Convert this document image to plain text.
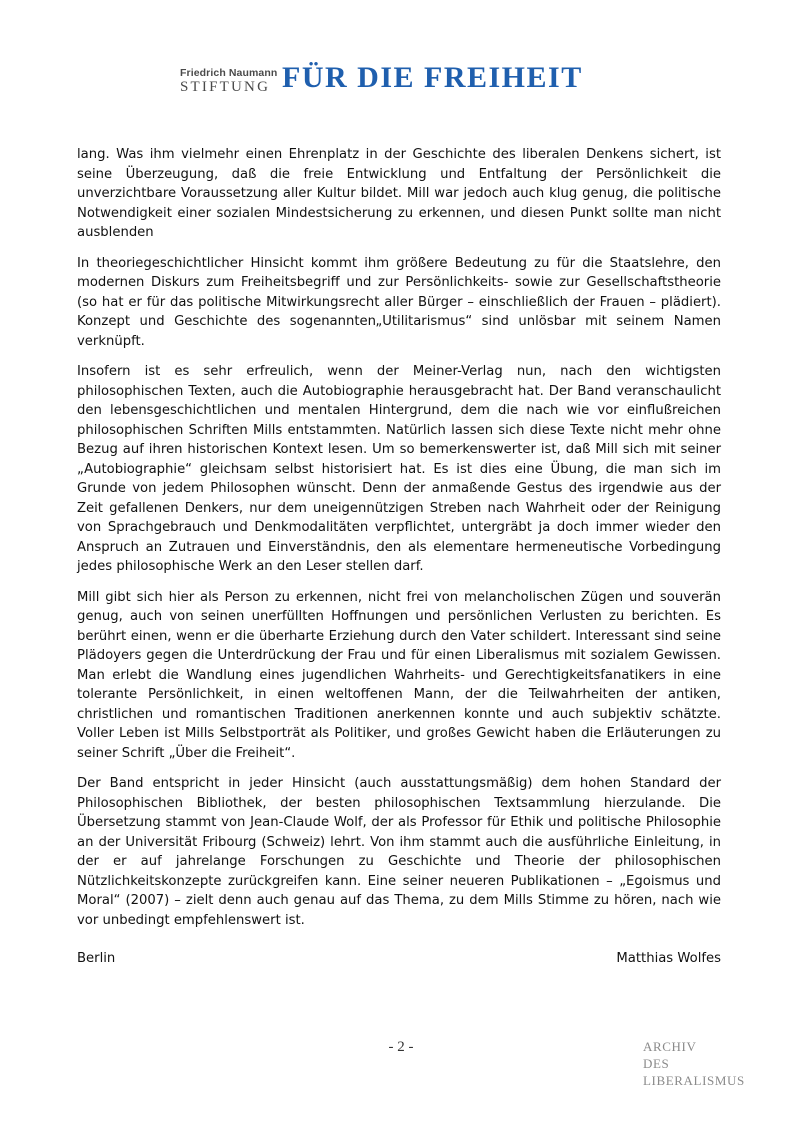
Friedrich Naumann
STIFTUNG FÜR DIE FREIHEIT

lang. Was ihm vielmehr einen Ehrenplatz in der Geschichte des liberalen Denkens sichert, ist seine Überzeugung, daß die freie Entwicklung und Entfaltung der Persönlichkeit die unverzichtbare Voraussetzung aller Kultur bildet. Mill war jedoch auch klug genug, die politische Notwendigkeit einer sozialen Mindestsicherung zu erkennen, und diesen Punkt sollte man nicht ausblenden

In theoriegeschichtlicher Hinsicht kommt ihm größere Bedeutung zu für die Staatslehre, den modernen Diskurs zum Freiheitsbegriff und zur Persönlichkeits- sowie zur Gesellschaftstheorie (so hat er für das politische Mitwirkungsrecht aller Bürger – einschließlich der Frauen – plädiert). Konzept und Geschichte des sogenannten„Utilitarismus“ sind unlösbar mit seinem Namen verknüpft.

Insofern ist es sehr erfreulich, wenn der Meiner-Verlag nun, nach den wichtigsten philosophischen Texten, auch die Autobiographie herausgebracht hat. Der Band veranschaulicht den lebensgeschichtlichen und mentalen Hintergrund, dem die nach wie vor einflußreichen philosophischen Schriften Mills entstammten. Natürlich lassen sich diese Texte nicht mehr ohne Bezug auf ihren historischen Kontext lesen. Um so bemerkenswerter ist, daß Mill sich mit seiner „Autobiographie“ gleichsam selbst historisiert hat. Es ist dies eine Übung, die man sich im Grunde von jedem Philosophen wünscht. Denn der anmaßende Gestus des irgendwie aus der Zeit gefallenen Denkers, nur dem uneigennützigen Streben nach Wahrheit oder der Reinigung von Sprachgebrauch und Denkmodalitäten verpflichtet, untergräbt ja doch immer wieder den Anspruch an Zutrauen und Einverständnis, den als elementare hermeneutische Vorbedingung jedes philosophische Werk an den Leser stellen darf.

Mill gibt sich hier als Person zu erkennen, nicht frei von melancholischen Zügen und souverän genug, auch von seinen unerfüllten Hoffnungen und persönlichen Verlusten zu berichten. Es berührt einen, wenn er die überharte Erziehung durch den Vater schildert. Interessant sind seine Plädoyers gegen die Unterdrückung der Frau und für einen Liberalismus mit sozialem Gewissen. Man erlebt die Wandlung eines jugendlichen Wahrheits- und Gerechtigkeitsfanatikers in eine tolerante Persönlichkeit, in einen weltoffenen Mann, der die Teilwahrheiten der antiken, christlichen und romantischen Traditionen anerkennen konnte und auch subjektiv schätzte. Voller Leben ist Mills Selbstporträt als Politiker, und großes Gewicht haben die Erläuterungen zu seiner Schrift „Über die Freiheit“.

Der Band entspricht in jeder Hinsicht (auch ausstattungsmäßig) dem hohen Standard der Philosophischen Bibliothek, der besten philosophischen Textsammlung hierzulande. Die Übersetzung stammt von Jean-Claude Wolf, der als Professor für Ethik und politische Philosophie an der Universität Fribourg (Schweiz) lehrt. Von ihm stammt auch die ausführliche Einleitung, in der er auf jahrelange Forschungen zu Geschichte und Theorie der philosophischen Nützlichkeitskonzepte zurückgreifen kann. Eine seiner neueren Publikationen – „Egoismus und Moral“ (2007) – zielt denn auch genau auf das Thema, zu dem Mills Stimme zu hören, nach wie vor unbedingt empfehlenswert ist.

Berlin	Matthias Wolfes
- 2 -	ARCHIV
DES
LIBERALISMUS
